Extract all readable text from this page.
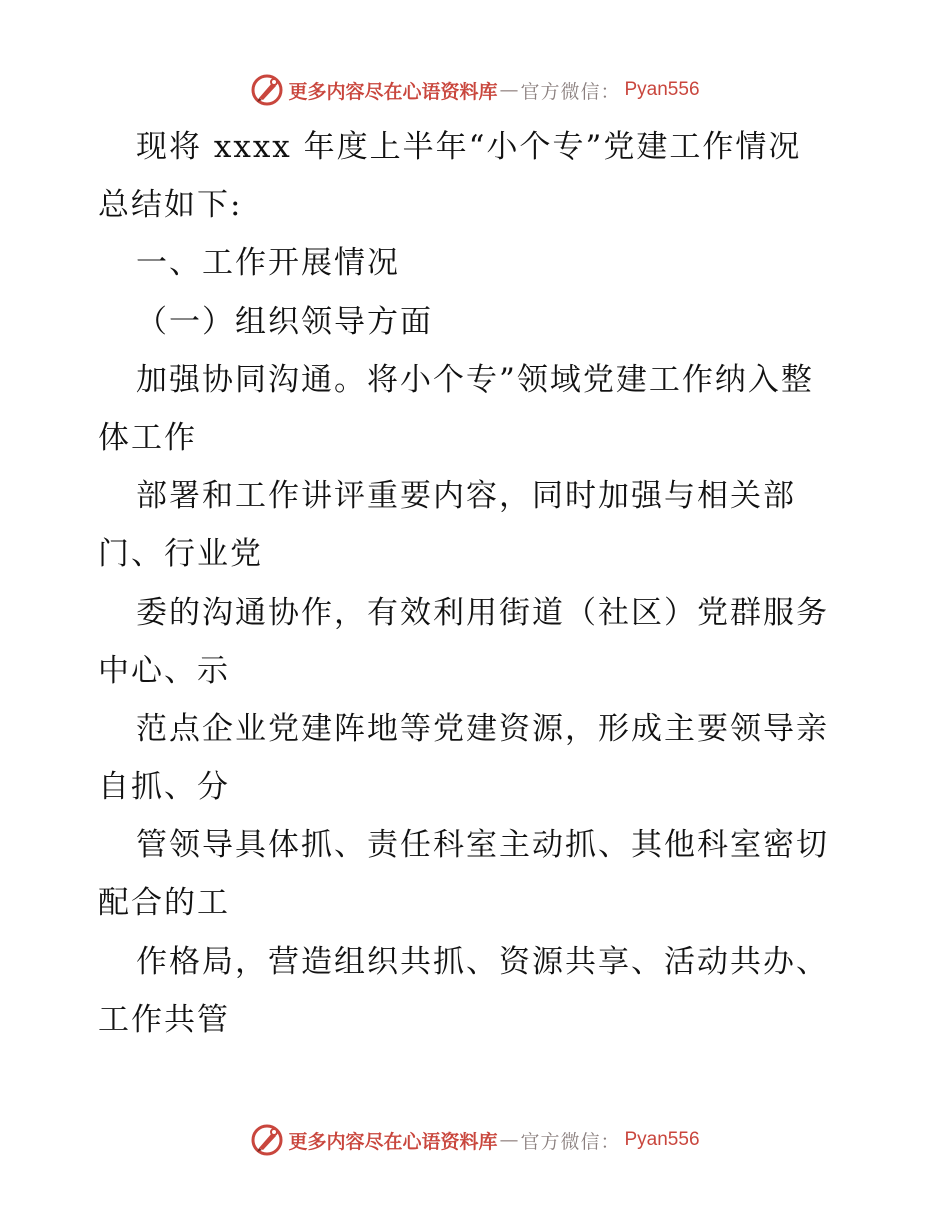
更多内容尽在心语资料库 — 官方微信： Pyan556
现将 xxxx 年度上半年“小个专”党建工作情况
总结如下:
一、工作开展情况
（一）组织领导方面
加强协同沟通。将小个专”领域党建工作纳入整
体工作
部署和工作讲评重要内容，同时加强与相关部
门、行业党
委的沟通协作，有效利用街道（社区）党群服务
中心、示
范点企业党建阵地等党建资源，形成主要领导亲
自抓、分
管领导具体抓、责任科室主动抓、其他科室密切
配合的工
作格局，营造组织共抓、资源共享、活动共办、
工作共管
更多内容尽在心语资料库 — 官方微信： Pyan556
